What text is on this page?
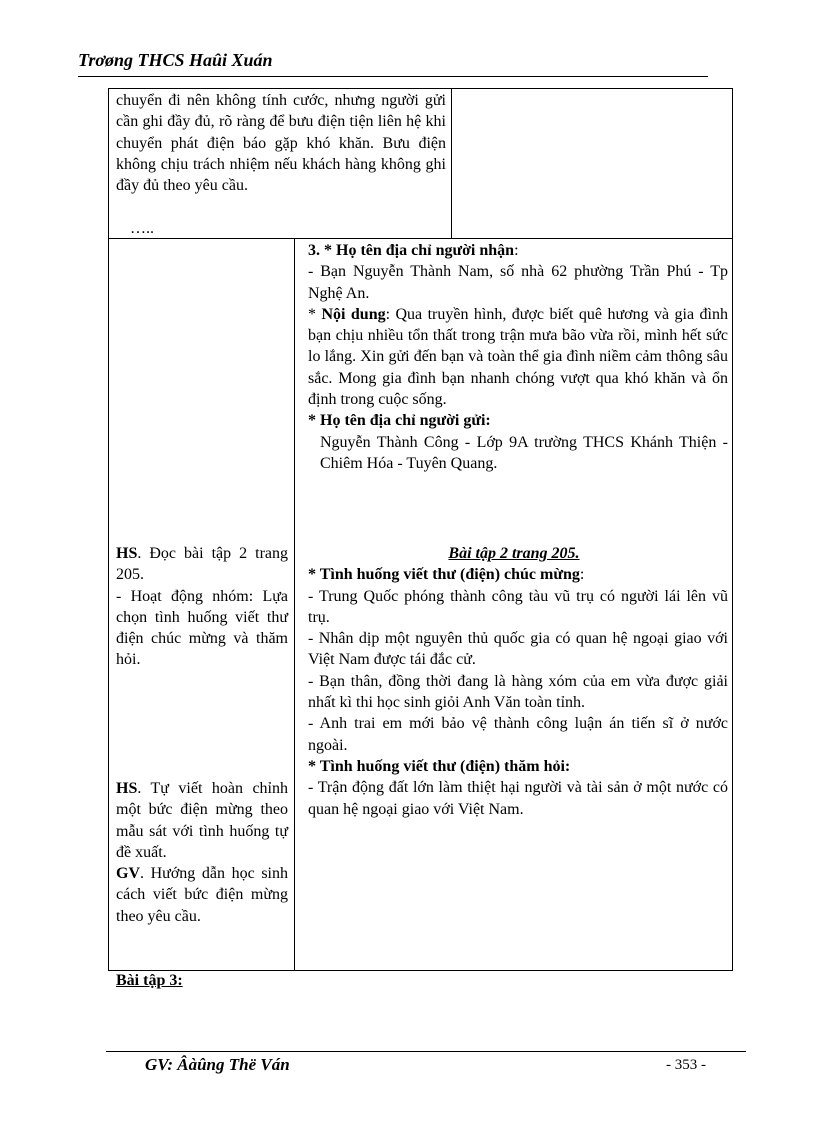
Trơøng THCS Haûi Xuán
chuyển đi nên không tính cước, nhưng người gửi cần ghi đầy đủ, rõ ràng để bưu điện tiện liên hệ khi chuyển phát điện báo gặp khó khăn. Bưu điện không chịu trách nhiệm nếu khách hàng không ghi đầy đủ theo yêu cầu.
…..
3. * Họ tên địa chỉ người nhận:
- Bạn Nguyễn Thành Nam, số nhà 62 phường Trần Phú - Tp Nghệ An.
* Nội dung: Qua truyền hình, được biết quê hương và gia đình bạn chịu nhiều tổn thất trong trận mưa bão vừa rồi, mình hết sức lo lắng. Xin gửi đến bạn và toàn thể gia đình niềm cảm thông sâu sắc. Mong gia đình bạn nhanh chóng vượt qua khó khăn và ổn định trong cuộc sống.
* Họ tên địa chỉ người gửi:
Nguyễn Thành Công - Lớp 9A trường THCS Khánh Thiện - Chiêm Hóa - Tuyên Quang.
Bài tập 2 trang 205.
* Tình huống viết thư (điện) chúc mừng:
- Trung Quốc phóng thành công tàu vũ trụ có người lái lên vũ trụ.
- Nhân dịp một nguyên thủ quốc gia có quan hệ ngoại giao với Việt Nam được tái đắc cử.
- Bạn thân, đồng thời đang là hàng xóm của em vừa được giải nhất kì thi học sinh giỏi Anh Văn toàn tỉnh.
- Anh trai em mới bảo vệ thành công luận án tiến sĩ ở nước ngoài.
* Tình huống viết thư (điện) thăm hỏi:
- Trận động đất lớn làm thiệt hại người và tài sản ở một nước có quan hệ ngoại giao với Việt Nam.
HS. Đọc bài tập 2 trang 205.
- Hoạt động nhóm: Lựa chọn tình huống viết thư điện chúc mừng và thăm hỏi.
HS. Tự viết hoàn chỉnh một bức điện mừng theo mẫu sát với tình huống tự đề xuất.
GV. Hướng dẫn học sinh cách viết bức điện mừng theo yêu cầu.
Bài tập 3:
GV: Âàûng Thë Ván	- 353 -
